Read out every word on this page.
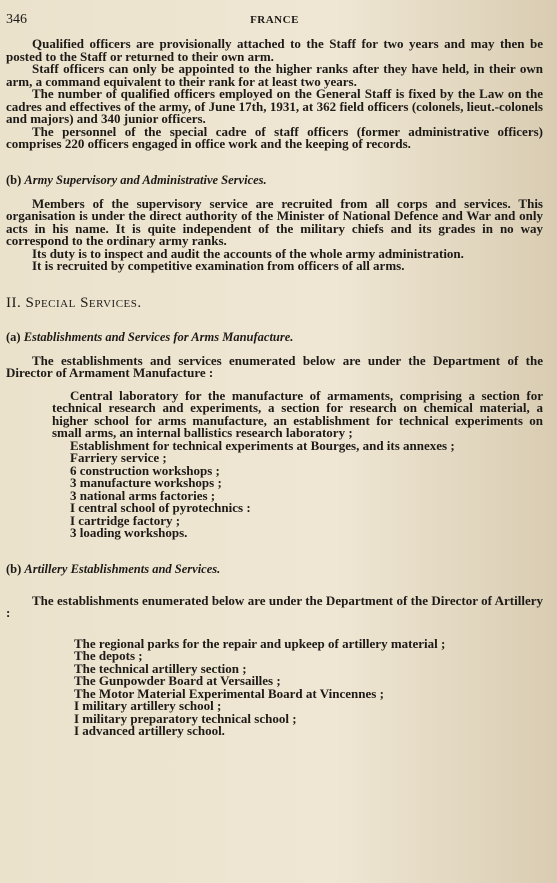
346	FRANCE

Qualified officers are provisionally attached to the Staff for two years and may then be posted to the Staff or returned to their own arm.

Staff officers can only be appointed to the higher ranks after they have held, in their own arm, a command equivalent to their rank for at least two years.

The number of qualified officers employed on the General Staff is fixed by the Law on the cadres and effectives of the army, of June 17th, 1931, at 362 field officers (colonels, lieut.-colonels and majors) and 340 junior officers.

The personnel of the special cadre of staff officers (former administrative officers) comprises 220 officers engaged in office work and the keeping of records.

(b) Army Supervisory and Administrative Services.

Members of the supervisory service are recruited from all corps and services. This organisation is under the direct authority of the Minister of National Defence and War and only acts in his name. It is quite independent of the military chiefs and its grades in no way correspond to the ordinary army ranks.

Its duty is to inspect and audit the accounts of the whole army administration.

It is recruited by competitive examination from officers of all arms.

II. Special Services.
(a) Establishments and Services for Arms Manufacture.

The establishments and services enumerated below are under the Department of the Director of Armament Manufacture :

Central laboratory for the manufacture of armaments, comprising a section for technical research and experiments, a section for research on chemical material, a higher school for arms manufacture, an establishment for technical experiments on small arms, an internal ballistics research laboratory ;
Establishment for technical experiments at Bourges, and its annexes ;
Farriery service ;
6 construction workshops ;
3 manufacture workshops ;
3 national arms factories ;
I central school of pyrotechnics :
I cartridge factory ;
3 loading workshops.
(b) Artillery Establishments and Services.

The establishments enumerated below are under the Department of the Director of Artillery :

The regional parks for the repair and upkeep of artillery material ;
The depots ;
The technical artillery section ;
The Gunpowder Board at Versailles ;
The Motor Material Experimental Board at Vincennes ;
I military artillery school ;
I military preparatory technical school ;
I advanced artillery school.
